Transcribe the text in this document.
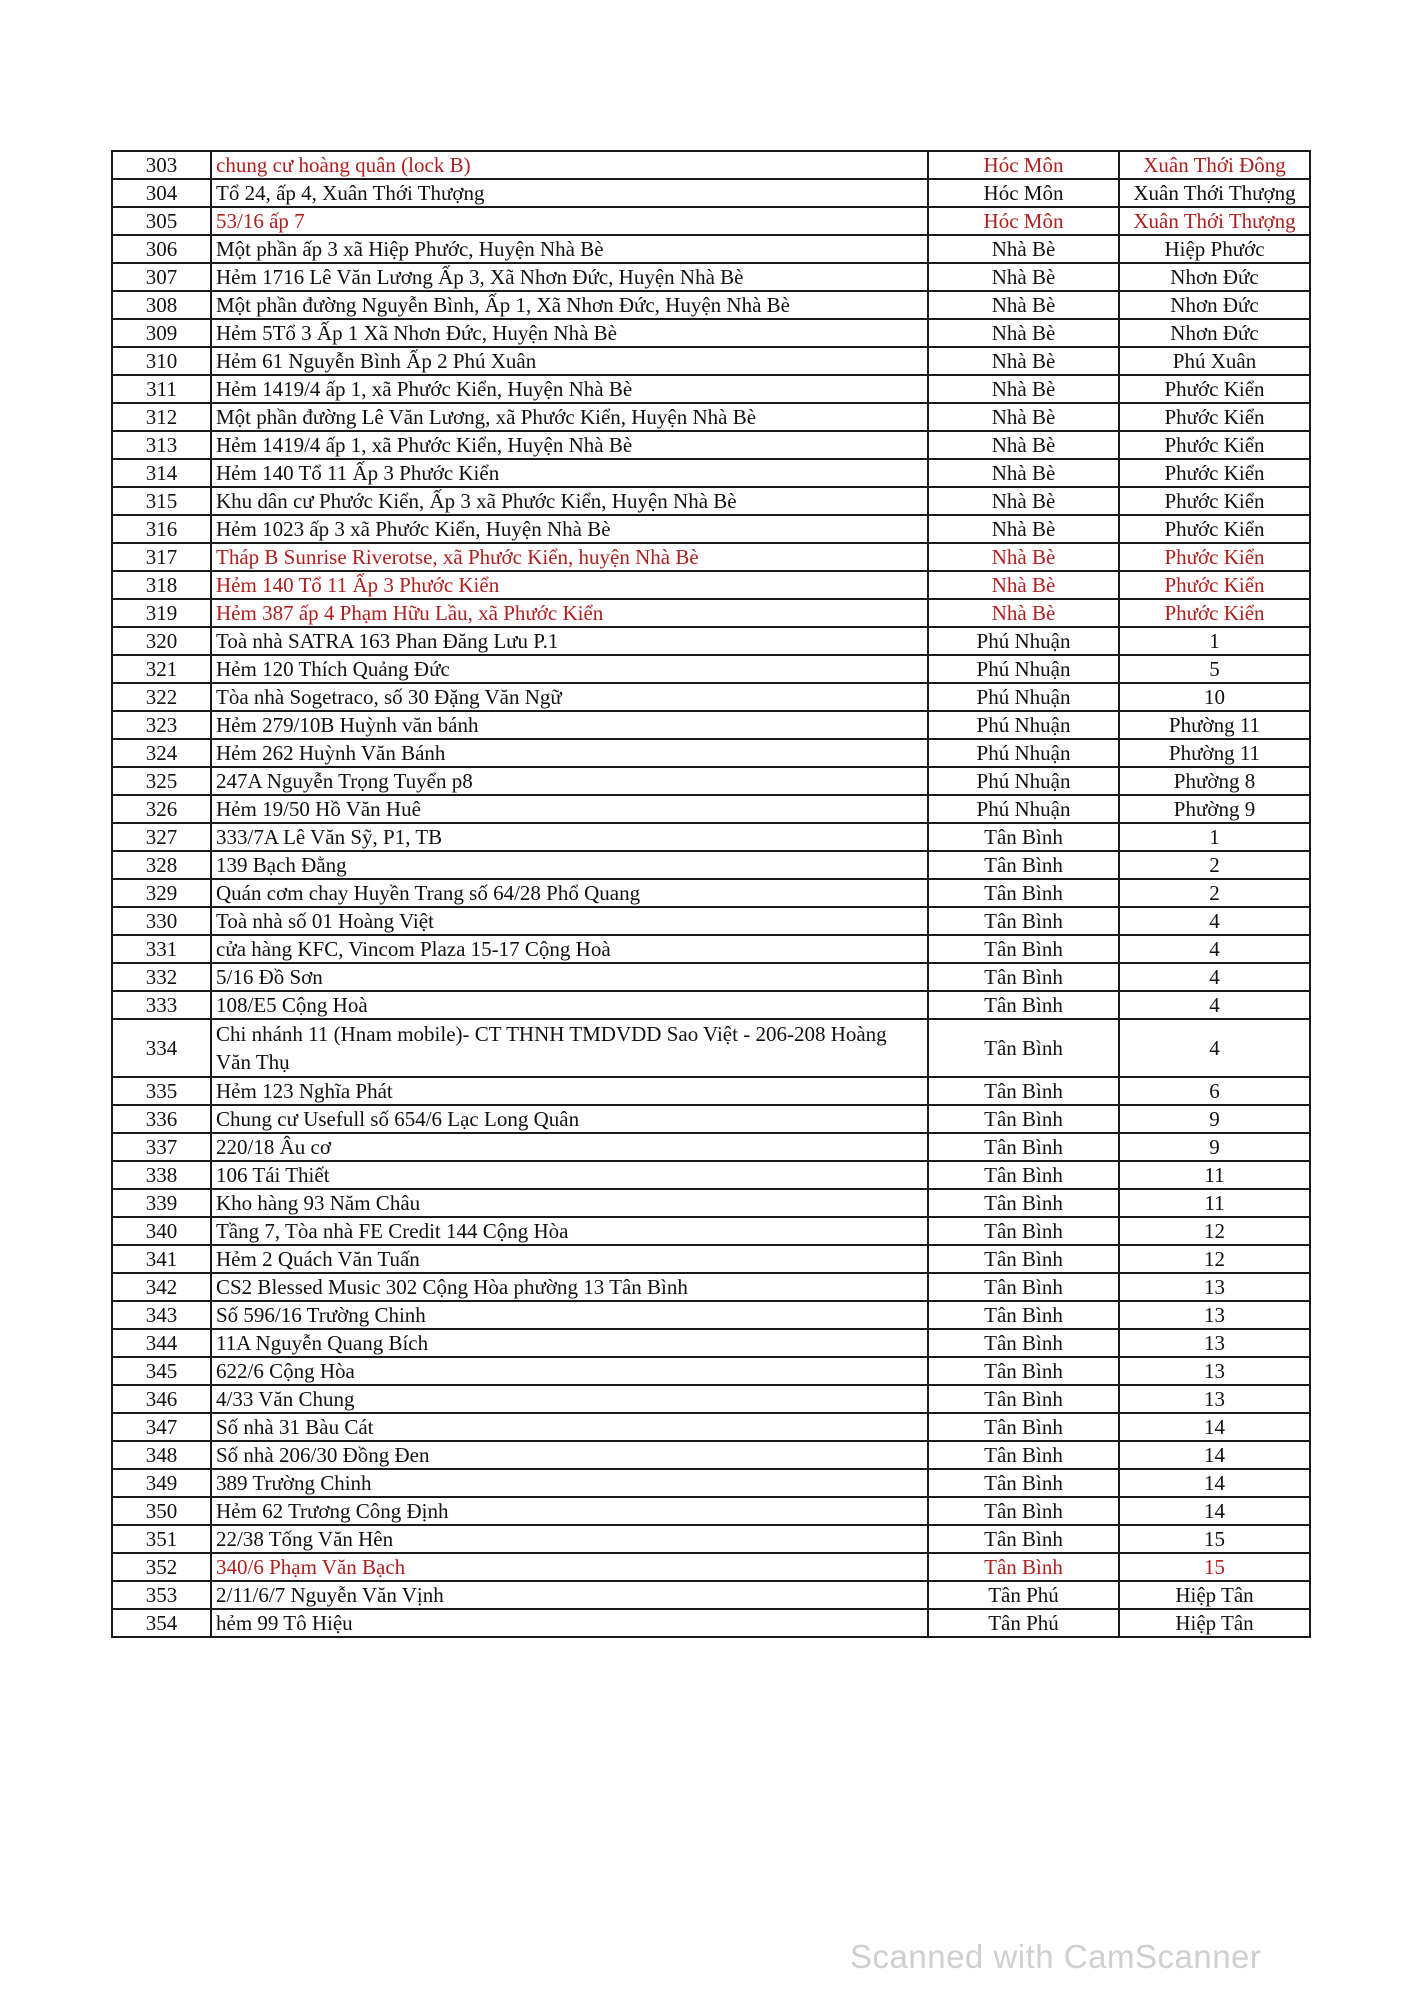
303	chung cư hoàng quân (lock B)	Hóc Môn	Xuân Thới Đông
304	Tổ 24, ấp 4, Xuân Thới Thượng	Hóc Môn	Xuân Thới Thượng
305	53/16 ấp 7	Hóc Môn	Xuân Thới Thượng
306	Một phần ấp 3 xã Hiệp Phước, Huyện Nhà Bè	Nhà Bè	Hiệp Phước
307	Hẻm 1716 Lê Văn Lương Ấp 3, Xã Nhơn Đức, Huyện Nhà Bè	Nhà Bè	Nhơn Đức
308	Một phần đường Nguyễn Bình, Ấp 1, Xã Nhơn Đức, Huyện Nhà Bè	Nhà Bè	Nhơn Đức
309	Hẻm 5Tổ 3 Ấp 1 Xã Nhơn Đức, Huyện Nhà Bè	Nhà Bè	Nhơn Đức
310	Hẻm 61 Nguyễn Bình Ấp 2 Phú Xuân	Nhà Bè	Phú Xuân
311	Hẻm 1419/4 ấp 1, xã Phước Kiển, Huyện Nhà Bè	Nhà Bè	Phước Kiển
312	Một phần đường Lê Văn Lương, xã Phước Kiển, Huyện Nhà Bè	Nhà Bè	Phước Kiển
313	Hẻm 1419/4 ấp 1, xã Phước Kiển, Huyện Nhà Bè	Nhà Bè	Phước Kiển
314	Hẻm 140 Tổ 11 Ấp 3 Phước Kiển	Nhà Bè	Phước Kiển
315	Khu dân cư Phước Kiển, Ấp 3 xã Phước Kiển, Huyện Nhà Bè	Nhà Bè	Phước Kiển
316	Hẻm 1023 ấp 3 xã Phước Kiển, Huyện Nhà Bè	Nhà Bè	Phước Kiển
317	Tháp B Sunrise Riverotse, xã Phước Kiển, huyện Nhà Bè	Nhà Bè	Phước Kiển
318	Hẻm 140 Tổ 11 Ấp 3 Phước Kiển	Nhà Bè	Phước Kiển
319	Hẻm 387 ấp 4 Phạm Hữu Lầu, xã Phước Kiển	Nhà Bè	Phước Kiển
320	Toà nhà SATRA 163 Phan Đăng Lưu P.1	Phú Nhuận	1
321	Hẻm 120 Thích Quảng Đức	Phú Nhuận	5
322	Tòa nhà Sogetraco, số 30 Đặng Văn Ngữ	Phú Nhuận	10
323	Hẻm 279/10B Huỳnh văn bánh	Phú Nhuận	Phường 11
324	Hẻm 262 Huỳnh Văn Bánh	Phú Nhuận	Phường 11
325	247A Nguyễn Trọng Tuyển p8	Phú Nhuận	Phường 8
326	Hẻm 19/50 Hồ Văn Huê	Phú Nhuận	Phường 9
327	333/7A Lê Văn Sỹ, P1, TB	Tân Bình	1
328	139 Bạch Đằng	Tân Bình	2
329	Quán cơm chay Huyền Trang số 64/28 Phổ Quang	Tân Bình	2
330	Toà nhà số 01 Hoàng Việt	Tân Bình	4
331	cửa hàng KFC, Vincom Plaza 15-17 Cộng Hoà	Tân Bình	4
332	5/16 Đồ Sơn	Tân Bình	4
333	108/E5 Cộng Hoà	Tân Bình	4
334	Chi nhánh 11 (Hnam mobile)- CT THNH TMDVDD Sao Việt - 206-208 Hoàng Văn Thụ	Tân Bình	4
335	Hẻm 123 Nghĩa Phát	Tân Bình	6
336	Chung cư Usefull số 654/6 Lạc Long Quân	Tân Bình	9
337	220/18 Âu cơ	Tân Bình	9
338	106 Tái Thiết	Tân Bình	11
339	Kho hàng 93 Năm Châu	Tân Bình	11
340	Tầng 7, Tòa nhà FE Credit 144 Cộng Hòa	Tân Bình	12
341	Hẻm 2 Quách Văn Tuấn	Tân Bình	12
342	CS2 Blessed Music 302 Cộng Hòa phường 13 Tân Bình	Tân Bình	13
343	Số 596/16 Trường Chinh	Tân Bình	13
344	11A Nguyễn Quang Bích	Tân Bình	13
345	622/6 Cộng Hòa	Tân Bình	13
346	4/33 Văn Chung	Tân Bình	13
347	Số nhà 31 Bàu Cát	Tân Bình	14
348	Số nhà 206/30 Đồng Đen	Tân Bình	14
349	389 Trường Chinh	Tân Bình	14
350	Hẻm 62 Trương Công Định	Tân Bình	14
351	22/38 Tống Văn Hên	Tân Bình	15
352	340/6 Phạm Văn Bạch	Tân Bình	15
353	2/11/6/7 Nguyễn Văn Vịnh	Tân Phú	Hiệp Tân
354	hẻm 99 Tô Hiệu	Tân Phú	Hiệp Tân
Scanned with CamScanner
